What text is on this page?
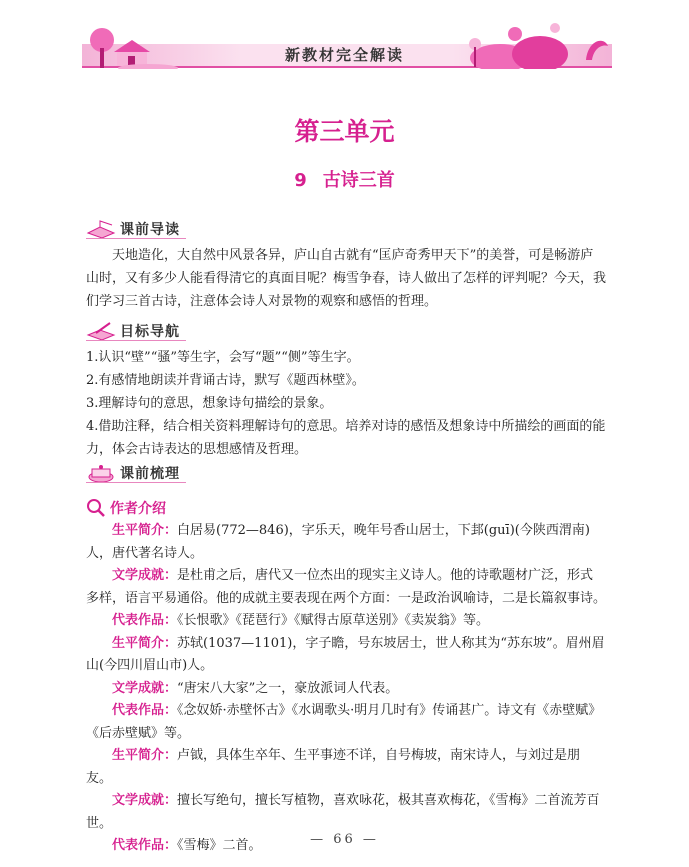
新教材完全解读
第三单元
9 古诗三首
课前导读
天地造化，大自然中风景各异，庐山自古就有“匡庐奇秀甲天下”的美誉，可是畅游庐山时，又有多少人能看得清它的真面目呢？梅雪争春，诗人做出了怎样的评判呢？今天，我们学习三首古诗，注意体会诗人对景物的观察和感悟的哲理。
目标导航

1.认识“壁”“骚”等生字，会写“题”“侧”等生字。

2.有感情地朗读并背诵古诗，默写《题西林壁》。

3.理解诗句的意思，想象诗句描绘的景象。

4.借助注释，结合相关资料理解诗句的意思。培养对诗的感悟及想象诗中所描绘的画面的能力，体会古诗表达的思想感情及哲理。

课前梳理
作者介绍

生平简介：白居易(772—846)，字乐天，晚年号香山居士，下邽(guī)(今陕西渭南)人，唐代著名诗人。

文学成就：是杜甫之后，唐代又一位杰出的现实主义诗人。他的诗歌题材广泛，形式多样，语言平易通俗。他的成就主要表现在两个方面：一是政治讽喻诗，二是长篇叙事诗。

代表作品：《长恨歌》《琵琶行》《赋得古原草送别》《卖炭翁》等。

生平简介：苏轼(1037—1101)，字子瞻，号东坡居士，世人称其为“苏东坡”。眉州眉山(今四川眉山市)人。

文学成就：“唐宋八大家”之一，豪放派词人代表。

代表作品：《念奴娇·赤壁怀古》《水调歌头·明月几时有》传诵甚广。诗文有《赤壁赋》《后赤壁赋》等。

生平简介：卢钺，具体生卒年、生平事迹不详，自号梅坡，南宋诗人，与刘过是朋友。

文学成就：擅长写绝句，擅长写植物，喜欢咏花，极其喜欢梅花，《雪梅》二首流芳百世。

代表作品：《雪梅》二首。	— 66 —
